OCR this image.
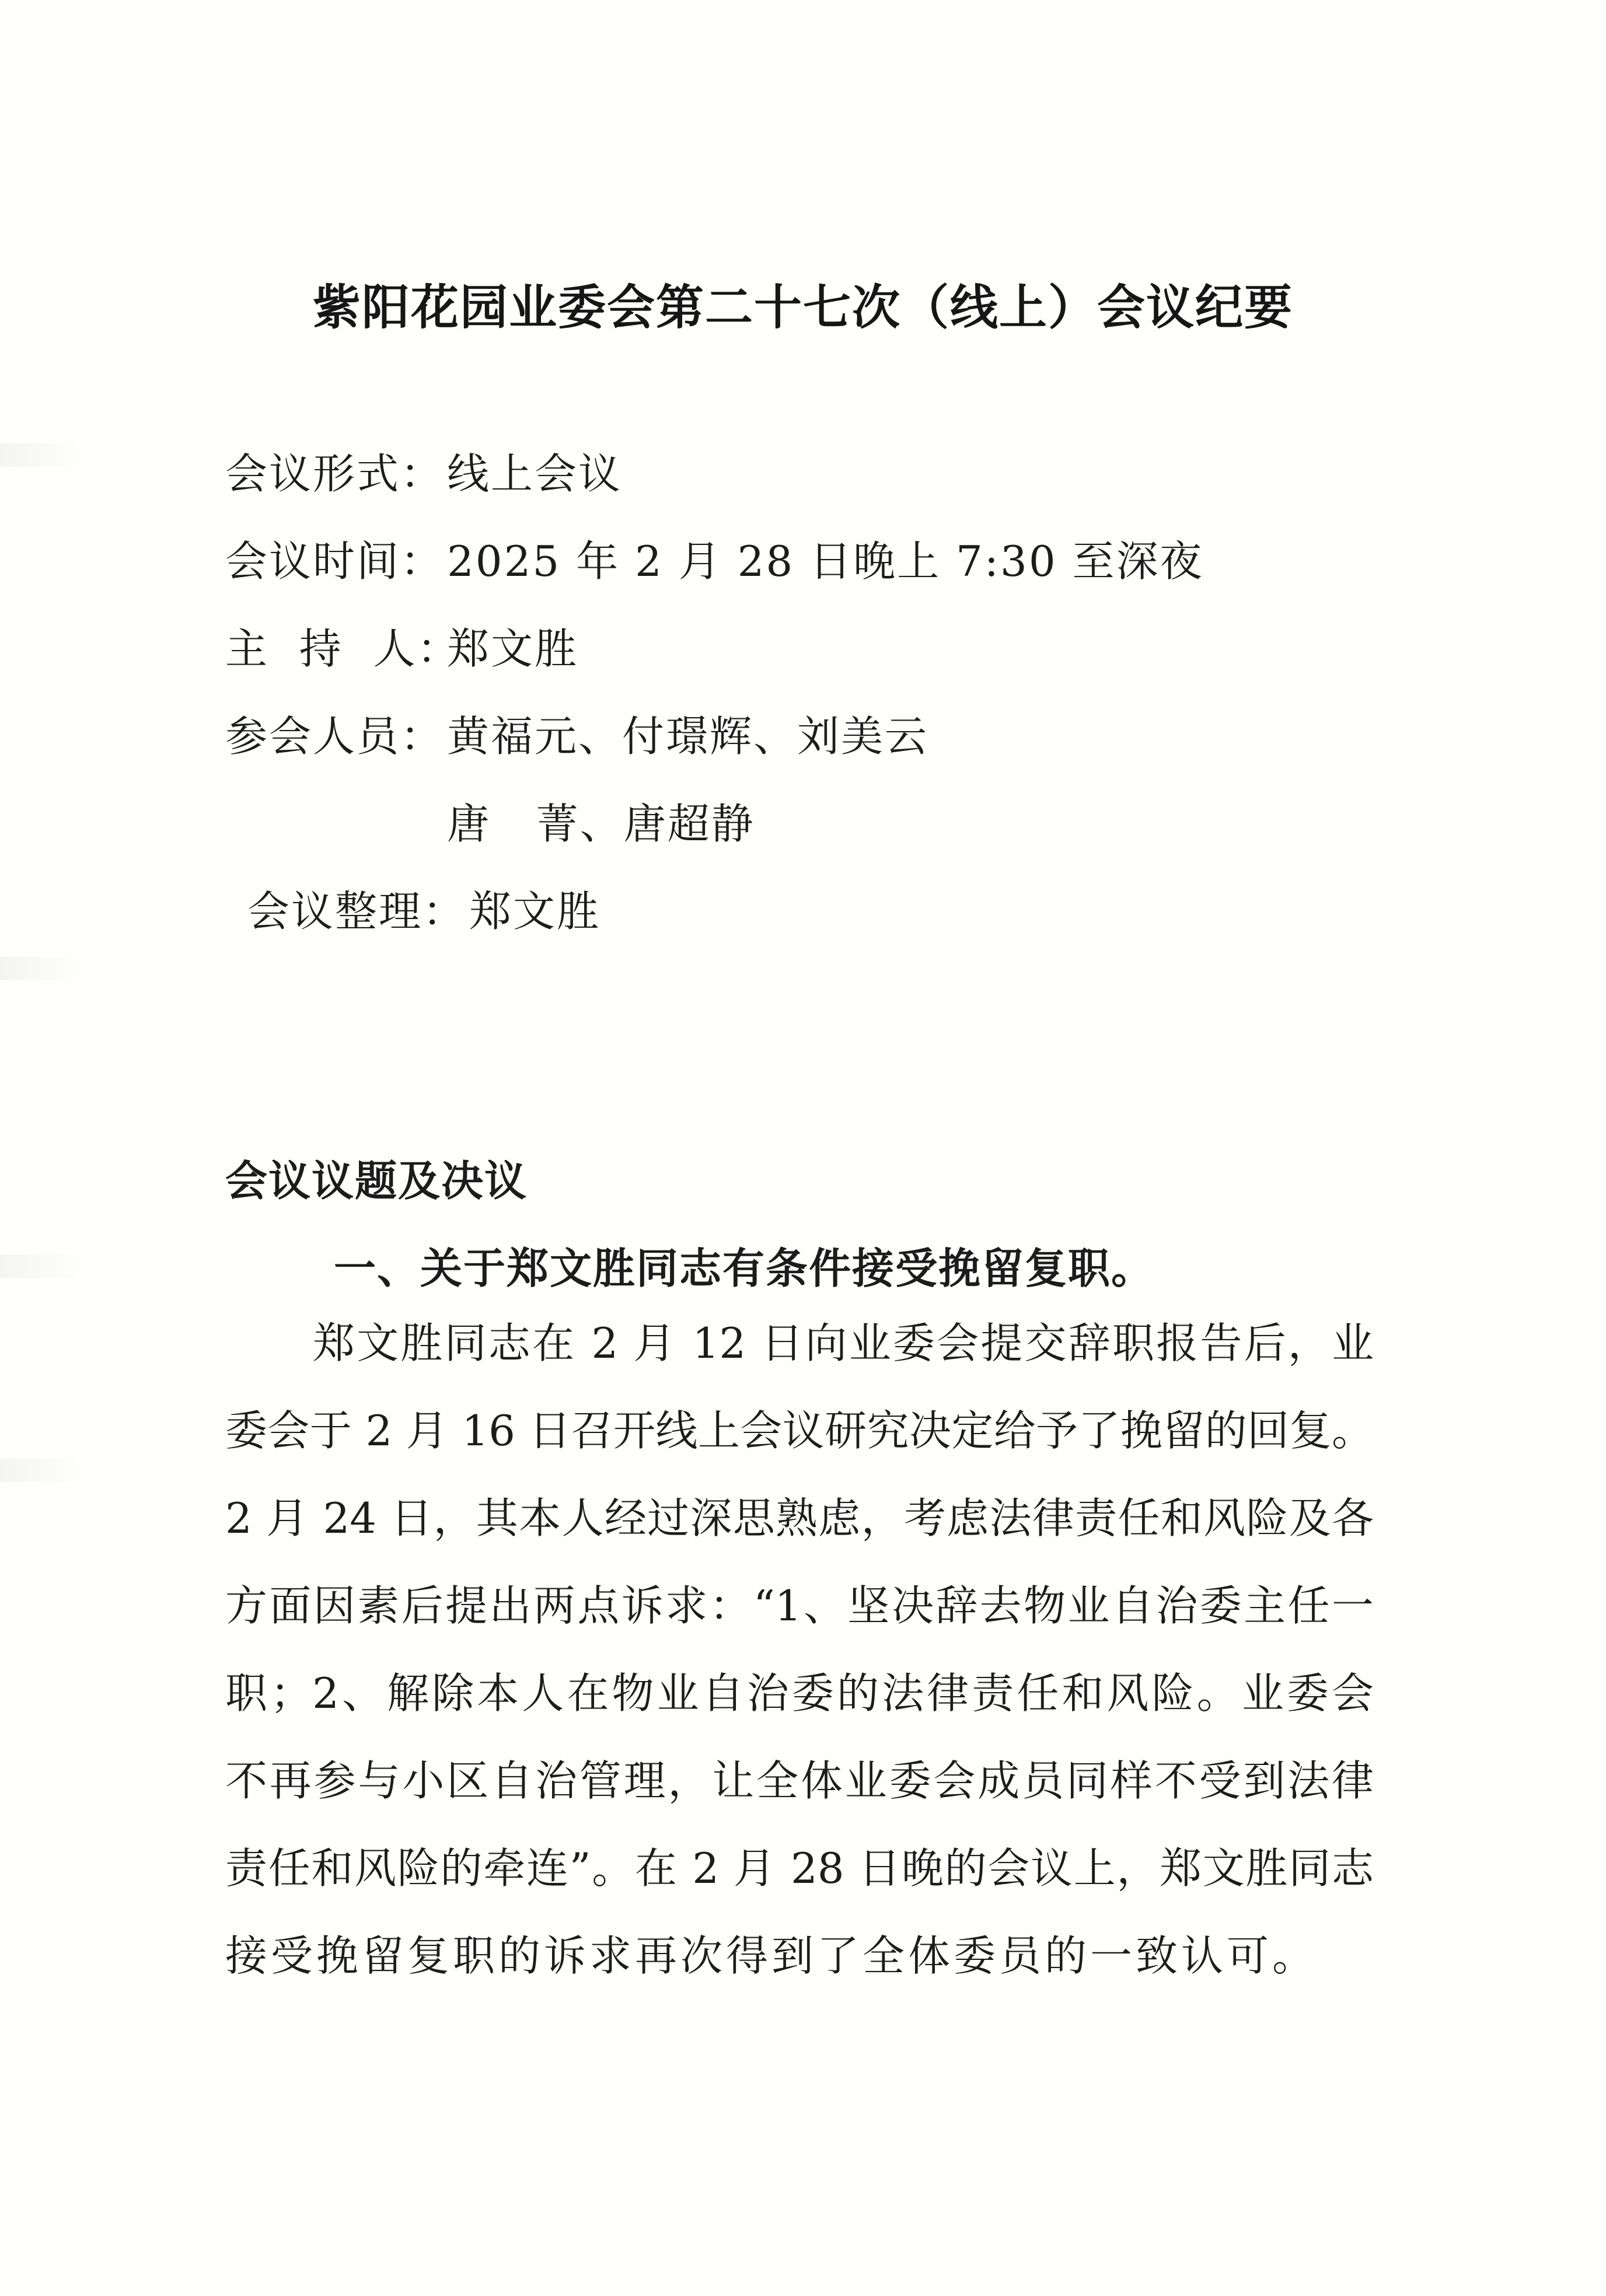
紫阳花园业委会第二十七次（线上）会议纪要
会议形式：线上会议
会议时间：2025 年 2 月 28 日晚上 7:30 至深夜
主  持  人：郑文胜
参会人员：黄福元、付璟辉、刘美云
唐   菁、唐超静
会议整理：郑文胜
会议议题及决议
一、关于郑文胜同志有条件接受挽留复职。
郑文胜同志在 2 月 12 日向业委会提交辞职报告后，业
委会于 2 月 16 日召开线上会议研究决定给予了挽留的回复。
2 月 24 日，其本人经过深思熟虑，考虑法律责任和风险及各
方面因素后提出两点诉求：“1、坚决辞去物业自治委主任一
职；2、解除本人在物业自治委的法律责任和风险。业委会
不再参与小区自治管理，让全体业委会成员同样不受到法律
责任和风险的牵连”。在 2 月 28 日晚的会议上，郑文胜同志
接受挽留复职的诉求再次得到了全体委员的一致认可。
